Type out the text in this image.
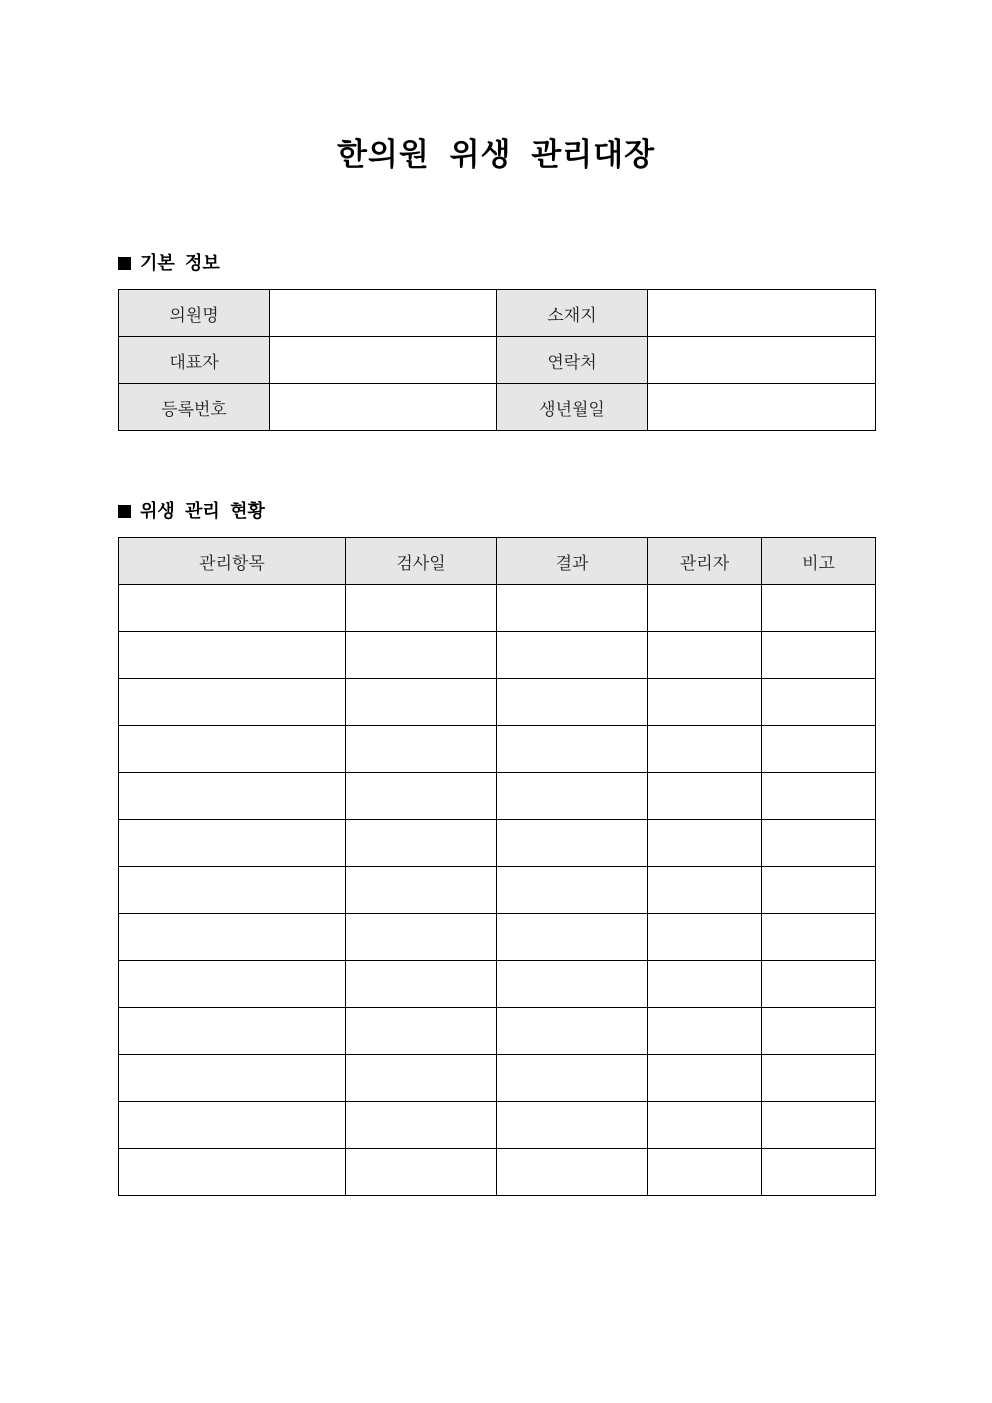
한의원 위생 관리대장
기본 정보
의원명		소재지	
대표자		연락처	
등록번호		생년월일	
위생 관리 현황
관리항목	검사일	결과	관리자	비고
